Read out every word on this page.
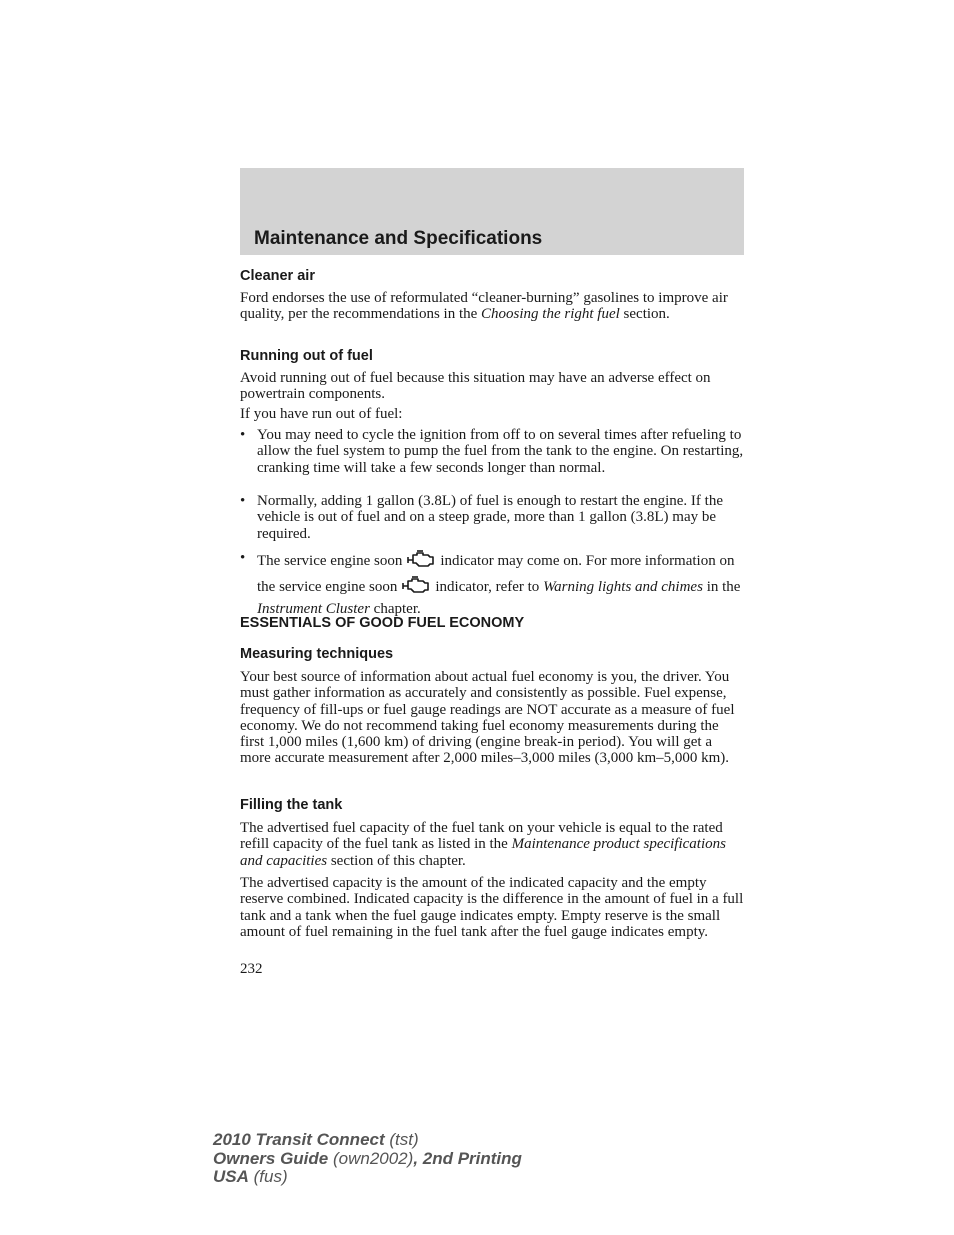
Maintenance and Specifications
Cleaner air
Ford endorses the use of reformulated “cleaner-burning” gasolines to improve air quality, per the recommendations in the Choosing the right fuel section.
Running out of fuel
Avoid running out of fuel because this situation may have an adverse effect on powertrain components.
If you have run out of fuel:
• You may need to cycle the ignition from off to on several times after refueling to allow the fuel system to pump the fuel from the tank to the engine. On restarting, cranking time will take a few seconds longer than normal.
• Normally, adding 1 gallon (3.8L) of fuel is enough to restart the engine. If the vehicle is out of fuel and on a steep grade, more than 1 gallon (3.8L) may be required.
• The service engine soon	indicator may come on. For more information on the service engine soon	indicator, refer to Warning lights and chimes in the Instrument Cluster chapter.
ESSENTIALS OF GOOD FUEL ECONOMY
Measuring techniques
Your best source of information about actual fuel economy is you, the driver. You must gather information as accurately and consistently as possible. Fuel expense, frequency of fill-ups or fuel gauge readings are NOT accurate as a measure of fuel economy. We do not recommend taking fuel economy measurements during the first 1,000 miles (1,600 km) of driving (engine break-in period). You will get a more accurate measurement after 2,000 miles–3,000 miles (3,000 km–5,000 km).
Filling the tank
The advertised fuel capacity of the fuel tank on your vehicle is equal to the rated refill capacity of the fuel tank as listed in the Maintenance product specifications and capacities section of this chapter.
The advertised capacity is the amount of the indicated capacity and the empty reserve combined. Indicated capacity is the difference in the amount of fuel in a full tank and a tank when the fuel gauge indicates empty. Empty reserve is the small amount of fuel remaining in the fuel tank after the fuel gauge indicates empty.
232
2010 Transit Connect (tst)
Owners Guide (own2002), 2nd Printing
USA (fus)
